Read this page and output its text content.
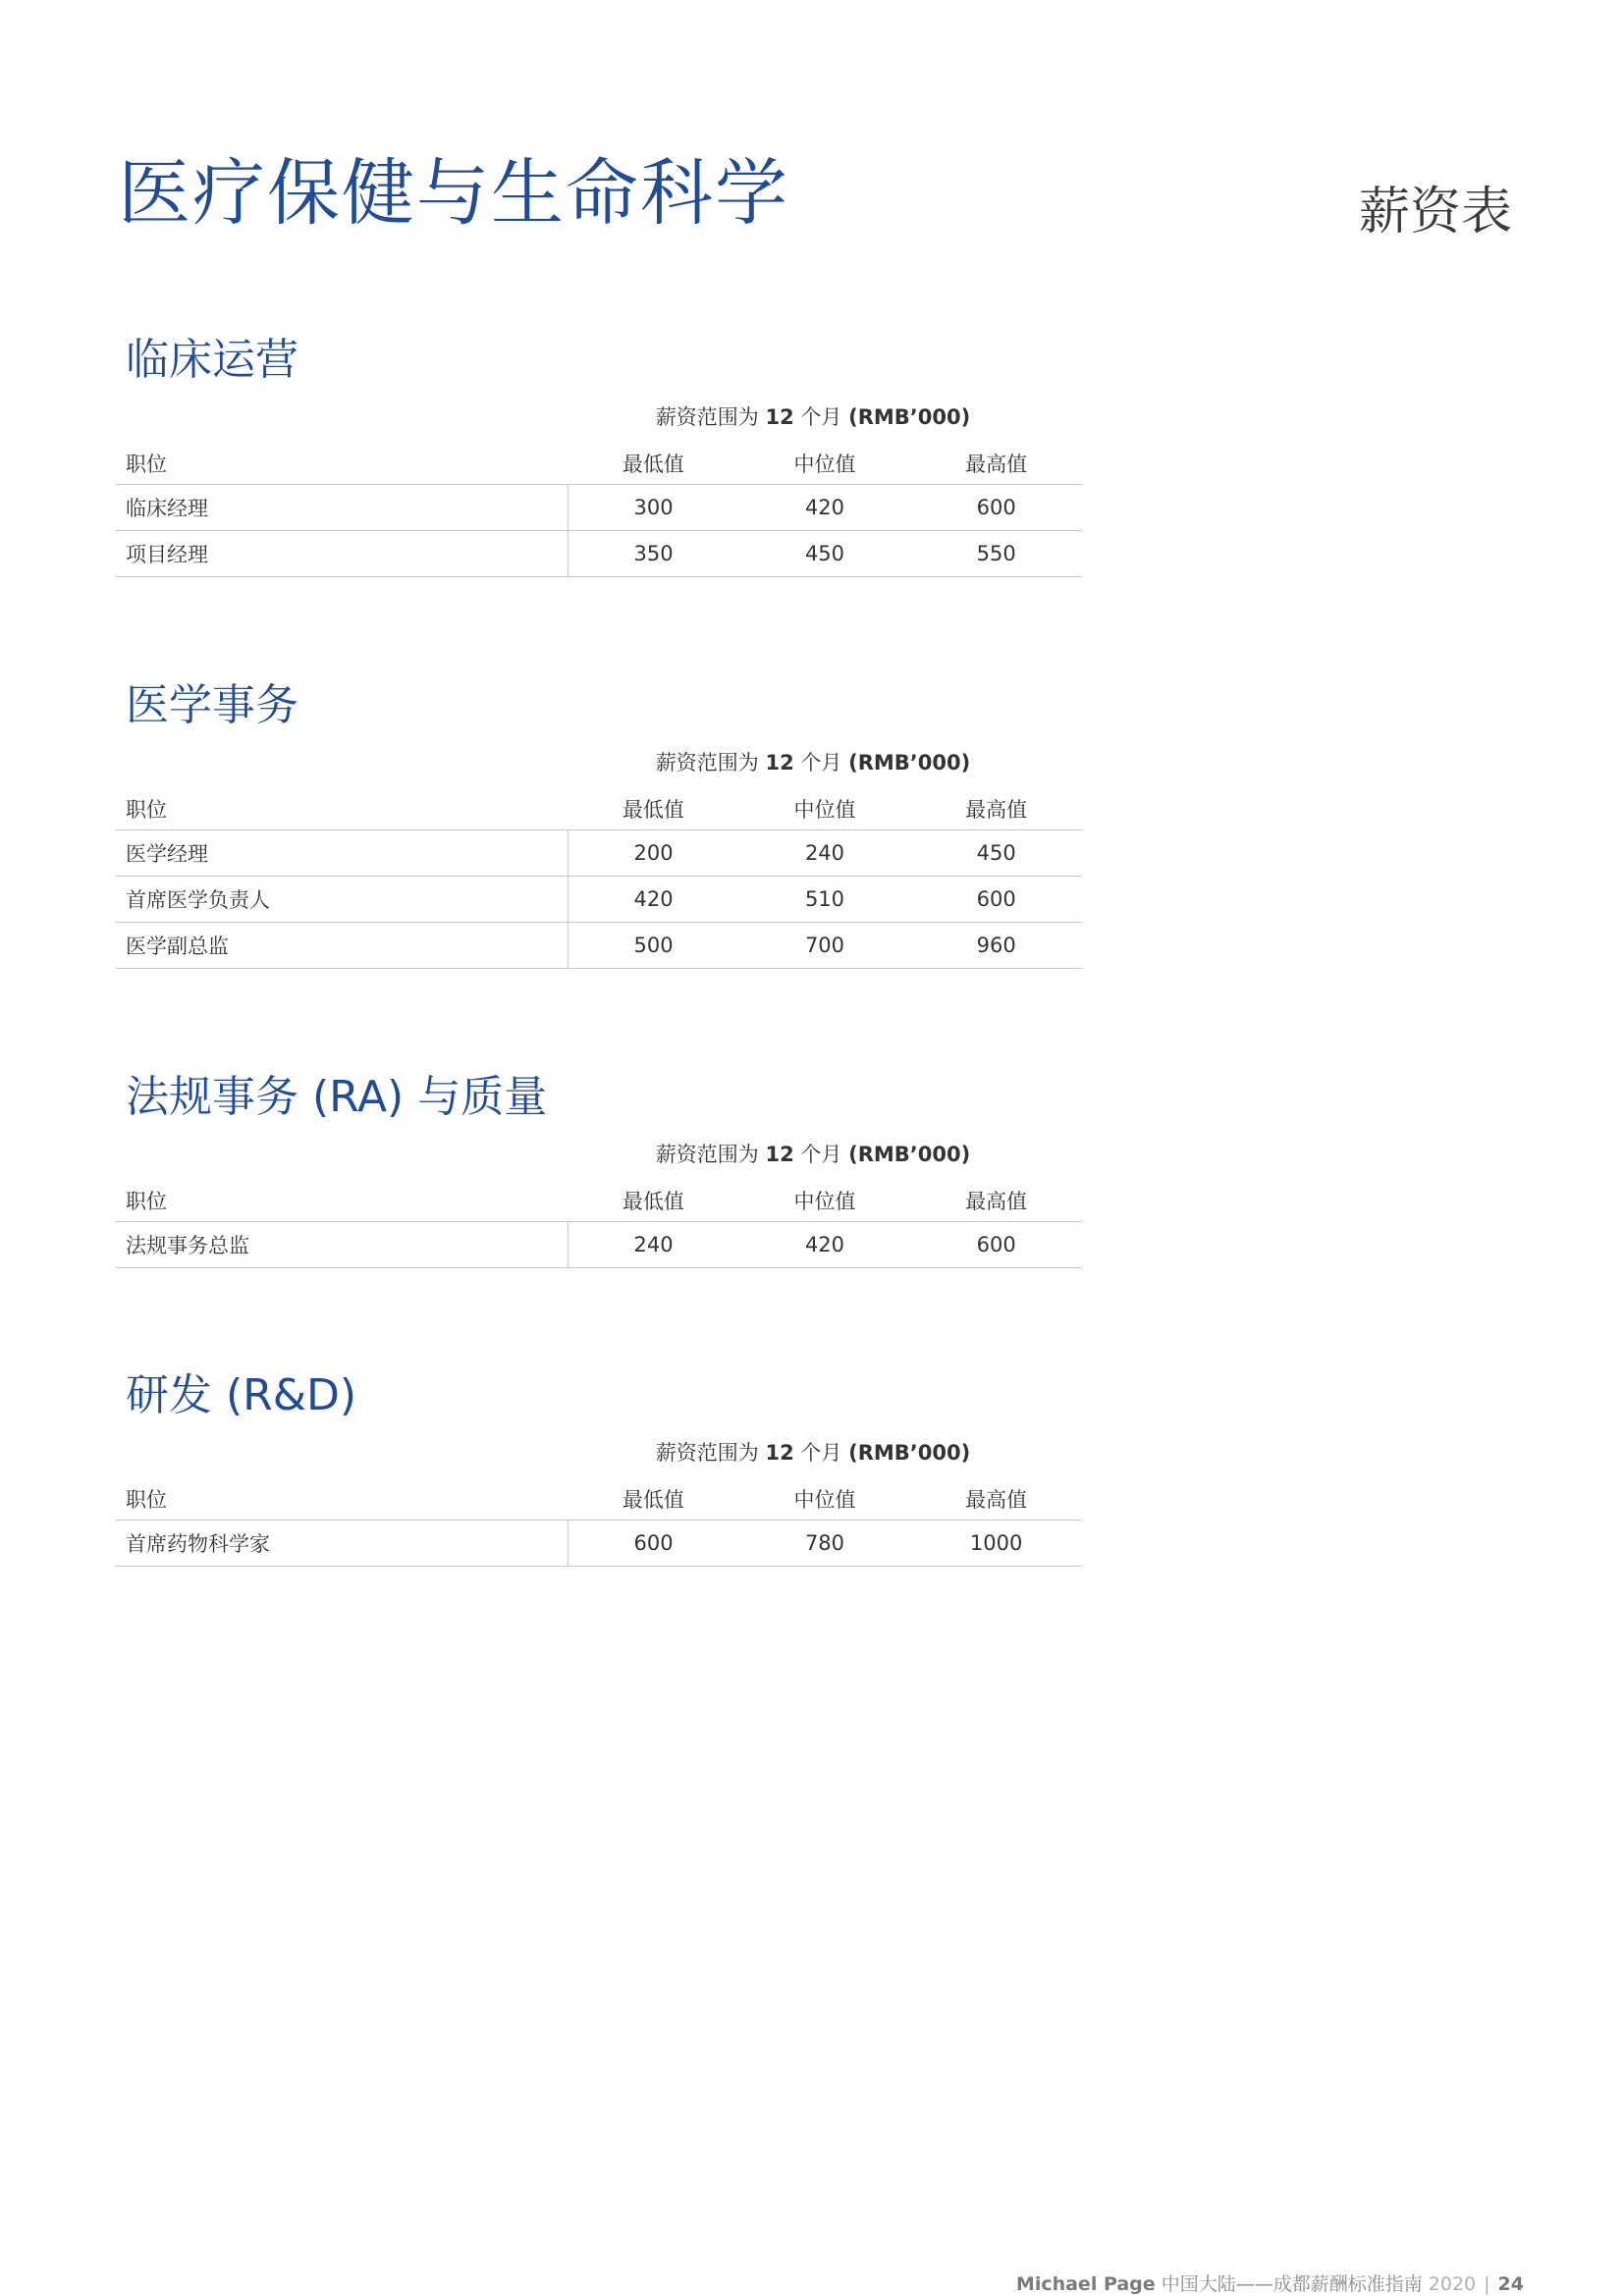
医疗保健与生命科学	薪资表
临床运营
薪资范围为 12 个月 (RMB’000)
职位	最低值	中位值	最高值
临床经理	300	420	600
项目经理	350	450	550
医学事务
薪资范围为 12 个月 (RMB’000)
职位	最低值	中位值	最高值
医学经理	200	240	450
首席医学负责人	420	510	600
医学副总监	500	700	960
法规事务 (RA) 与质量
薪资范围为 12 个月 (RMB’000)
职位	最低值	中位值	最高值
法规事务总监	240	420	600
研发 (R&D)
薪资范围为 12 个月 (RMB’000)
职位	最低值	中位值	最高值
首席药物科学家	600	780	1000
Michael Page 中国大陆——成都薪酬标准指南 2020 | 24
